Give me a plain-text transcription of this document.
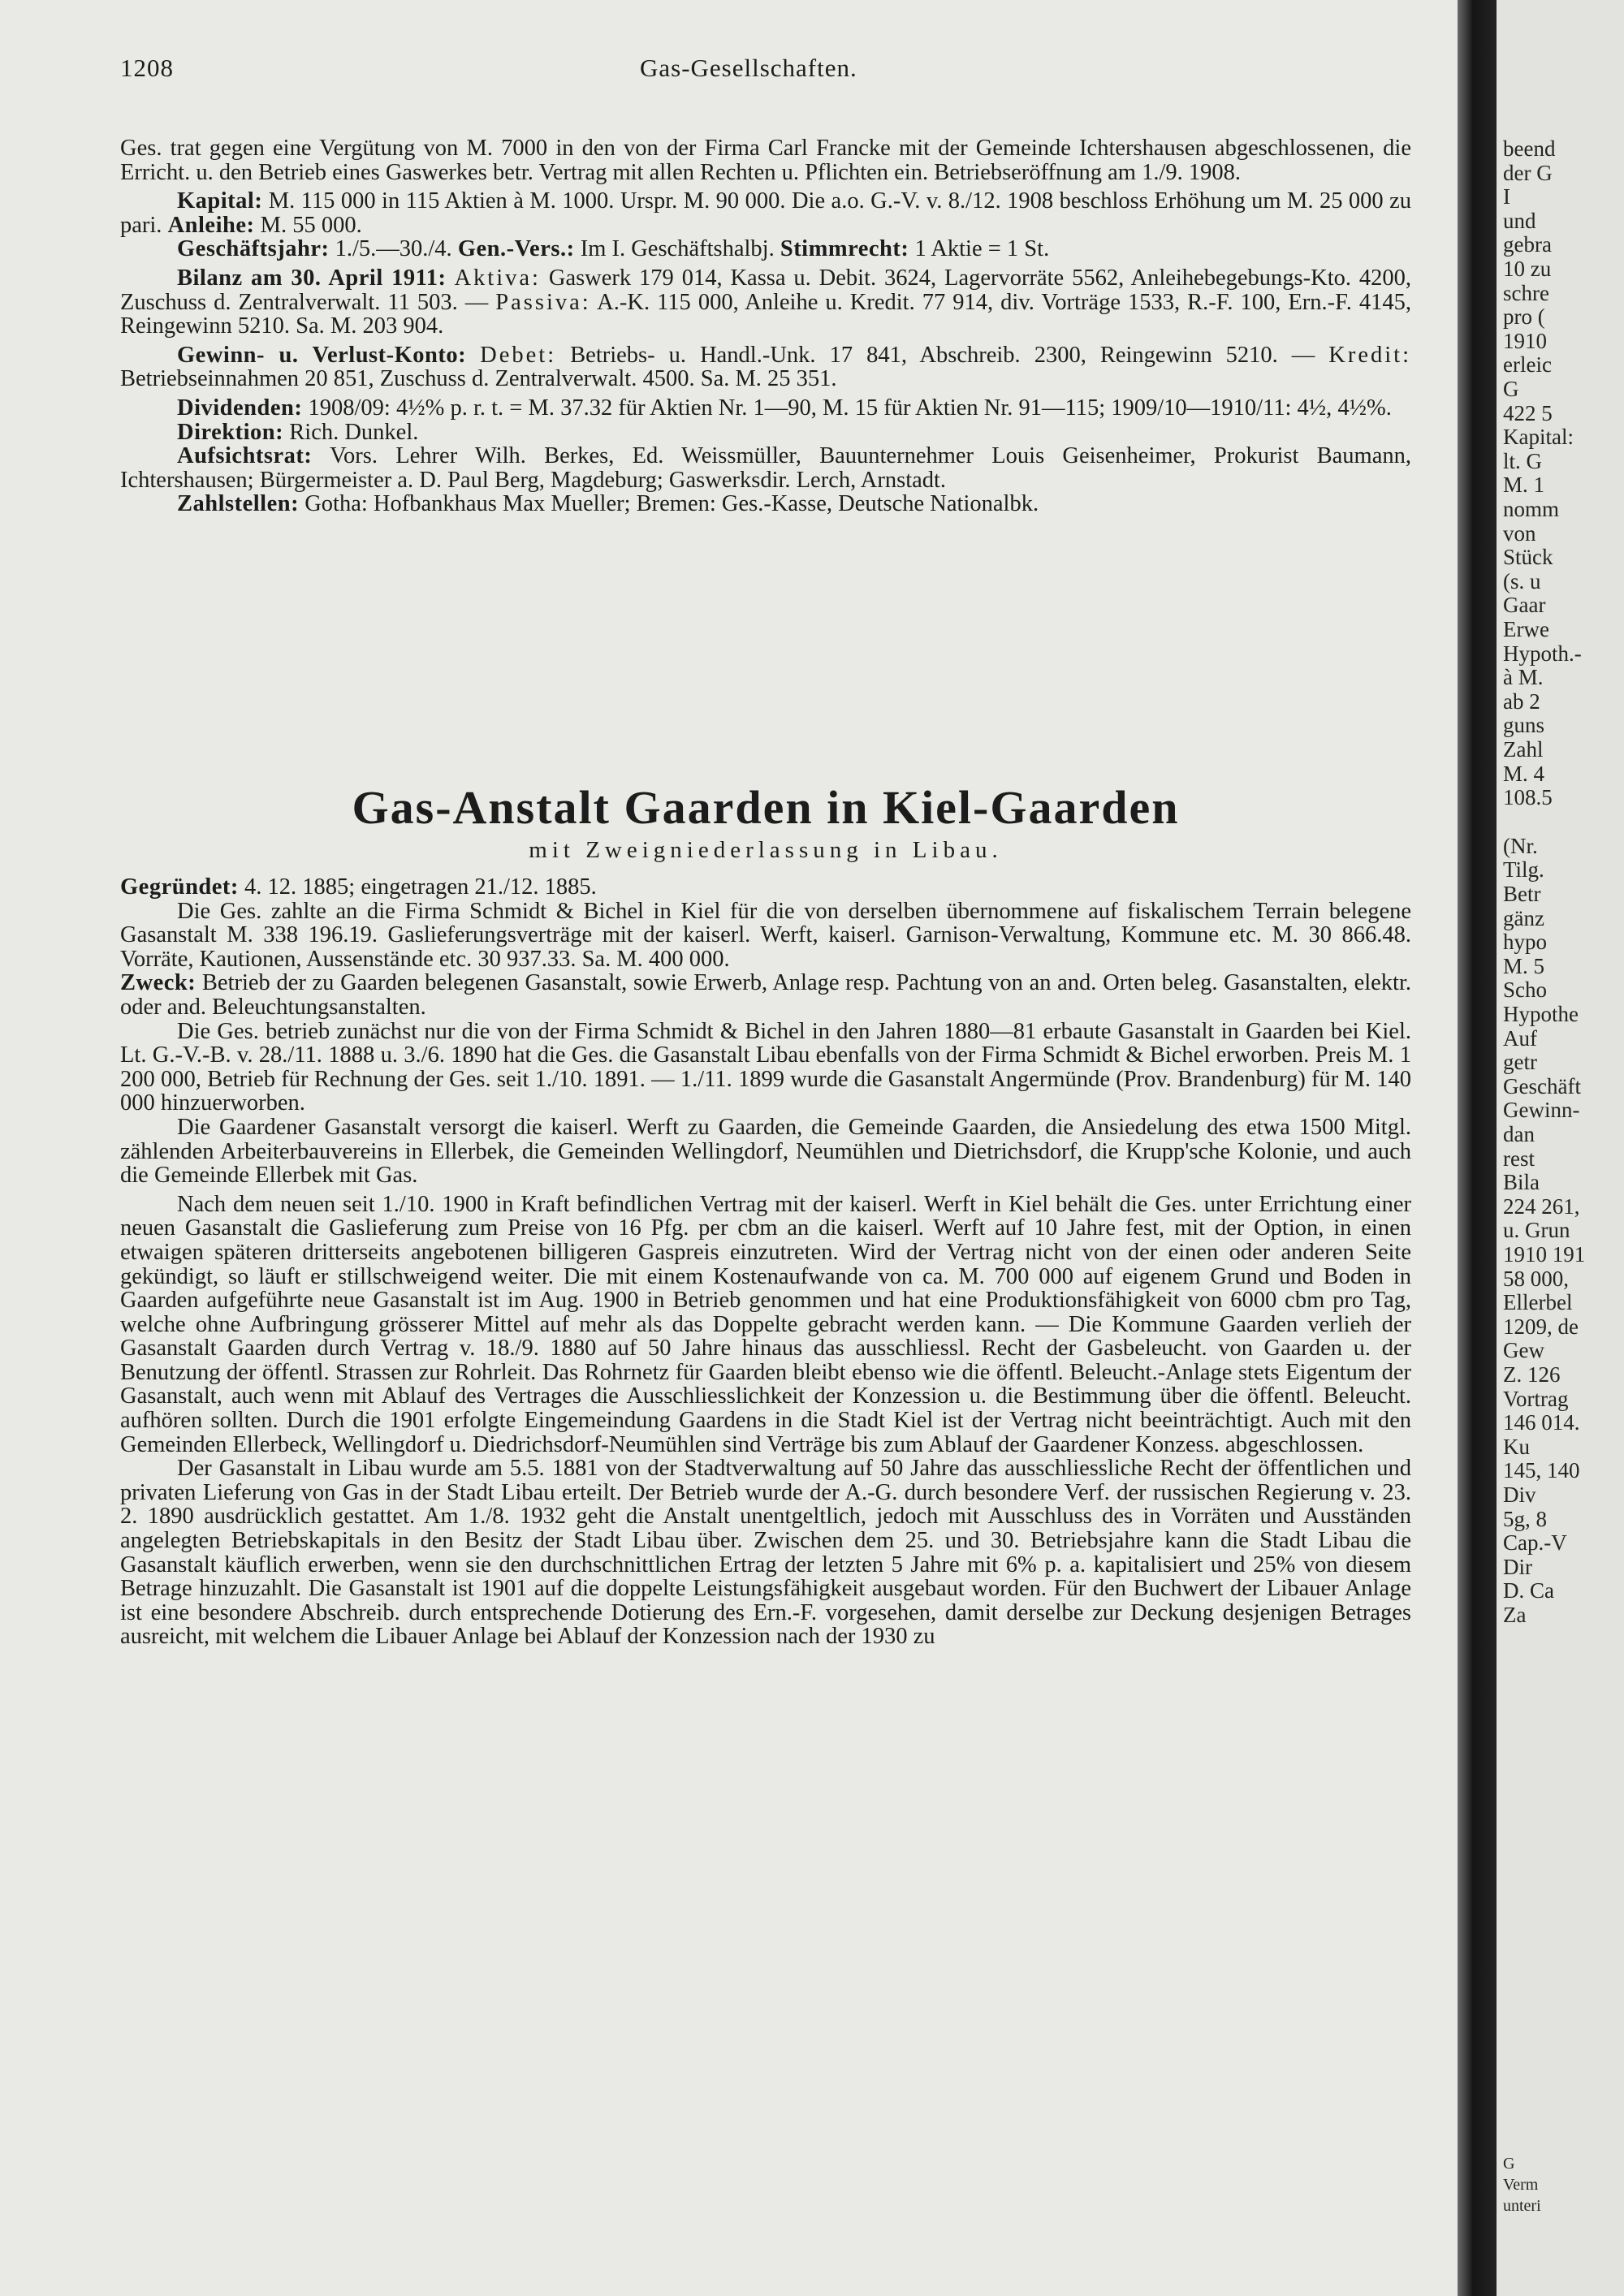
1208	Gas-Gesellschaften.

Ges. trat gegen eine Vergütung von M. 7000 in den von der Firma Carl Francke mit der Gemeinde Ichtershausen abgeschlossenen, die Erricht. u. den Betrieb eines Gaswerkes betr. Vertrag mit allen Rechten u. Pflichten ein. Betriebseröffnung am 1./9. 1908.

Kapital: M. 115 000 in 115 Aktien à M. 1000. Urspr. M. 90 000. Die a.o. G.-V. v. 8./12. 1908 beschloss Erhöhung um M. 25 000 zu pari. Anleihe: M. 55 000.

Geschäftsjahr: 1./5.—30./4. Gen.-Vers.: Im I. Geschäftshalbj. Stimmrecht: 1 Aktie = 1 St.

Bilanz am 30. April 1911: Aktiva: Gaswerk 179 014, Kassa u. Debit. 3624, Lagervorräte 5562, Anleihebegebungs-Kto. 4200, Zuschuss d. Zentralverwalt. 11 503. — Passiva: A.-K. 115 000, Anleihe u. Kredit. 77 914, div. Vorträge 1533, R.-F. 100, Ern.-F. 4145, Reingewinn 5210. Sa. M. 203 904.

Gewinn- u. Verlust-Konto: Debet: Betriebs- u. Handl.-Unk. 17 841, Abschreib. 2300, Reingewinn 5210. — Kredit: Betriebseinnahmen 20 851, Zuschuss d. Zentralverwalt. 4500. Sa. M. 25 351.

Dividenden: 1908/09: 4½% p. r. t. = M. 37.32 für Aktien Nr. 1—90, M. 15 für Aktien Nr. 91—115; 1909/10—1910/11: 4½, 4½%.

Direktion: Rich. Dunkel.

Aufsichtsrat: Vors. Lehrer Wilh. Berkes, Ed. Weissmüller, Bauunternehmer Louis Geisenheimer, Prokurist Baumann, Ichtershausen; Bürgermeister a. D. Paul Berg, Magdeburg; Gaswerksdir. Lerch, Arnstadt.

Zahlstellen: Gotha: Hofbankhaus Max Mueller; Bremen: Ges.-Kasse, Deutsche Nationalbk.

Gas-Anstalt Gaarden in Kiel-Gaarden
mit Zweigniederlassung in Libau.

Gegründet: 4. 12. 1885; eingetragen 21./12. 1885.

Die Ges. zahlte an die Firma Schmidt & Bichel in Kiel für die von derselben übernommene auf fiskalischem Terrain belegene Gasanstalt M. 338 196.19. Gaslieferungsverträge mit der kaiserl. Werft, kaiserl. Garnison-Verwaltung, Kommune etc. M. 30 866.48. Vorräte, Kautionen, Aussenstände etc. 30 937.33. Sa. M. 400 000.

Zweck: Betrieb der zu Gaarden belegenen Gasanstalt, sowie Erwerb, Anlage resp. Pachtung von an and. Orten beleg. Gasanstalten, elektr. oder and. Beleuchtungsanstalten.

Die Ges. betrieb zunächst nur die von der Firma Schmidt & Bichel in den Jahren 1880—81 erbaute Gasanstalt in Gaarden bei Kiel. Lt. G.-V.-B. v. 28./11. 1888 u. 3./6. 1890 hat die Ges. die Gasanstalt Libau ebenfalls von der Firma Schmidt & Bichel erworben. Preis M. 1 200 000, Betrieb für Rechnung der Ges. seit 1./10. 1891. — 1./11. 1899 wurde die Gasanstalt Angermünde (Prov. Brandenburg) für M. 140 000 hinzuerworben.

Die Gaardener Gasanstalt versorgt die kaiserl. Werft zu Gaarden, die Gemeinde Gaarden, die Ansiedelung des etwa 1500 Mitgl. zählenden Arbeiterbauvereins in Ellerbek, die Gemeinden Wellingdorf, Neumühlen und Dietrichsdorf, die Krupp'sche Kolonie, und auch die Gemeinde Ellerbek mit Gas.

Nach dem neuen seit 1./10. 1900 in Kraft befindlichen Vertrag mit der kaiserl. Werft in Kiel behält die Ges. unter Errichtung einer neuen Gasanstalt die Gaslieferung zum Preise von 16 Pfg. per cbm an die kaiserl. Werft auf 10 Jahre fest, mit der Option, in einen etwaigen späteren dritterseits angebotenen billigeren Gaspreis einzutreten. Wird der Vertrag nicht von der einen oder anderen Seite gekündigt, so läuft er stillschweigend weiter. Die mit einem Kostenaufwande von ca. M. 700 000 auf eigenem Grund und Boden in Gaarden aufgeführte neue Gasanstalt ist im Aug. 1900 in Betrieb genommen und hat eine Produktionsfähigkeit von 6000 cbm pro Tag, welche ohne Aufbringung grösserer Mittel auf mehr als das Doppelte gebracht werden kann. — Die Kommune Gaarden verlieh der Gasanstalt Gaarden durch Vertrag v. 18./9. 1880 auf 50 Jahre hinaus das ausschliessl. Recht der Gasbeleucht. von Gaarden u. der Benutzung der öffentl. Strassen zur Rohrleit. Das Rohrnetz für Gaarden bleibt ebenso wie die öffentl. Beleucht.-Anlage stets Eigentum der Gasanstalt, auch wenn mit Ablauf des Vertrages die Ausschliesslichkeit der Konzession u. die Bestimmung über die öffentl. Beleucht. aufhören sollten. Durch die 1901 erfolgte Eingemeindung Gaardens in die Stadt Kiel ist der Vertrag nicht beeinträchtigt. Auch mit den Gemeinden Ellerbeck, Wellingdorf u. Diedrichsdorf-Neumühlen sind Verträge bis zum Ablauf der Gaardener Konzess. abgeschlossen.

Der Gasanstalt in Libau wurde am 5.5. 1881 von der Stadtverwaltung auf 50 Jahre das ausschliessliche Recht der öffentlichen und privaten Lieferung von Gas in der Stadt Libau erteilt. Der Betrieb wurde der A.-G. durch besondere Verf. der russischen Regierung v. 23. 2. 1890 ausdrücklich gestattet. Am 1./8. 1932 geht die Anstalt unentgeltlich, jedoch mit Ausschluss des in Vorräten und Ausständen angelegten Betriebskapitals in den Besitz der Stadt Libau über. Zwischen dem 25. und 30. Betriebsjahre kann die Stadt Libau die Gasanstalt käuflich erwerben, wenn sie den durchschnittlichen Ertrag der letzten 5 Jahre mit 6% p. a. kapitalisiert und 25% von diesem Betrage hinzuzahlt. Die Gasanstalt ist 1901 auf die doppelte Leistungsfähigkeit ausgebaut worden. Für den Buchwert der Libauer Anlage ist eine besondere Abschreib. durch entsprechende Dotierung des Ern.-F. vorgesehen, damit derselbe zur Deckung desjenigen Betrages ausreicht, mit welchem die Libauer Anlage bei Ablauf der Konzession nach der 1930 zu

beend
der G
I
und
gebra
10 zu
schre
pro (
1910
erleic
G
422 5
Kapital:
lt. G
M. 1
nomm
von
Stück
(s. u
Gaar
Erwe
Hypoth.-
à M.
ab 2
guns
Zahl
M. 4
108.5
(Nr.
Tilg.
Betr
gänz
hypo
M. 5
Scho
Hypothe
Auf
getr
Geschäft
Gewinn-
dan
rest
Bila
224 261,
u. Grun
1910 191
58 000,
Ellerbel
1209, de
Gew
Z. 126
Vortrag
146 014.
Ku
145, 140
Div
5g, 8
Cap.-V
Dir
D. Ca
Za
G
Verm
unteri
